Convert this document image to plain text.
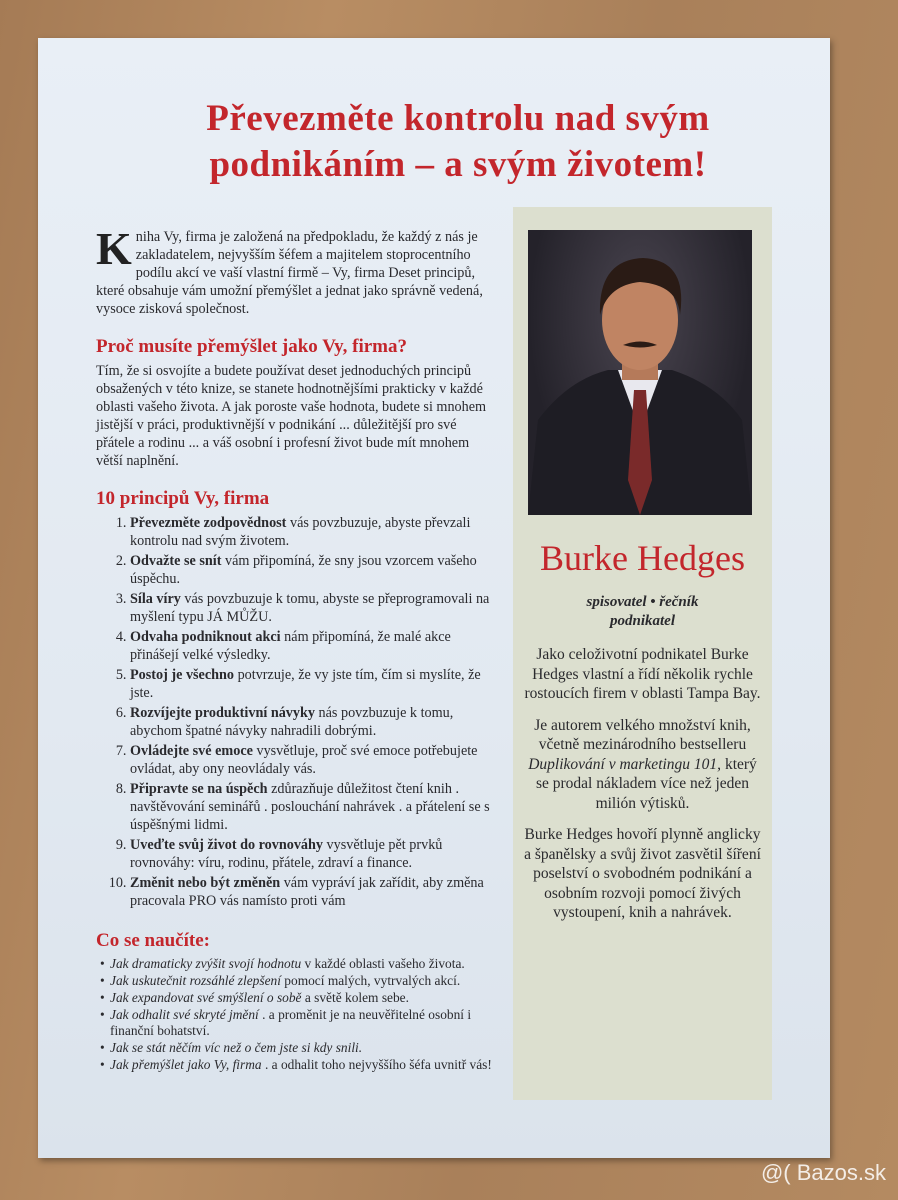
Převezměte kontrolu nad svým
podnikáním – a svým životem!
K niha Vy, firma je založená na předpokladu, že každý z nás je zakladatelem, nejvyšším šéfem a majitelem stoprocentního podílu akcí ve vaší vlastní firmě – Vy, firma Deset principů, které obsahuje vám umožní přemýšlet a jednat jako správně vedená, vysoce zisková společnost.
Proč musíte přemýšlet jako Vy, firma?
Tím, že si osvojíte a budete používat deset jednoduchých principů obsažených v této knize, se stanete hodnotnějšími prakticky v každé oblasti vašeho života. A jak poroste vaše hodnota, budete si mnohem jistější v práci, produktivnější v podnikání ... důležitější pro své přátele a rodinu ... a váš osobní i profesní život bude mít mnohem větší naplnění.
10 principů Vy, firma
1. Převezměte zodpovědnost vás povzbuzuje, abyste převzali kontrolu nad svým životem.
2. Odvažte se snít vám připomíná, že sny jsou vzorcem vašeho úspěchu.
3. Síla víry vás povzbuzuje k tomu, abyste se přeprogramovali na myšlení typu JÁ MŮŽU.
4. Odvaha podniknout akci nám připomíná, že malé akce přinášejí velké výsledky.
5. Postoj je všechno potvrzuje, že vy jste tím, čím si myslíte, že jste.
6. Rozvíjejte produktivní návyky nás povzbuzuje k tomu, abychom špatné návyky nahradili dobrými.
7. Ovládejte své emoce vysvětluje, proč své emoce potřebujete ovládat, aby ony neovládaly vás.
8. Připravte se na úspěch zdůrazňuje důležitost čtení knih . navštěvování seminářů . poslouchání nahrávek . a přátelení se s úspěšnými lidmi.
9. Uveďte svůj život do rovnováhy vysvětluje pět prvků rovnováhy: víru, rodinu, přátele, zdraví a finance.
10. Změnit nebo být změněn vám vypráví jak zařídit, aby změna pracovala PRO vás namísto proti vám
Co se naučíte:
• Jak dramaticky zvýšit svojí hodnotu v každé oblasti vašeho života.
• Jak uskutečnit rozsáhlé zlepšení pomocí malých, vytrvalých akcí.
• Jak expandovat své smýšlení o sobě a světě kolem sebe.
• Jak odhalit své skryté jmění . a proměnit je na neuvěřitelné osobní i finanční bohatství.
• Jak se stát něčím víc než o čem jste si kdy snili.
• Jak přemýšlet jako Vy, firma . a odhalit toho nejvyššího šéfa uvnitř vás!
Burke Hedges
spisovatel • řečník
podnikatel

Jako celoživotní podnikatel Burke Hedges vlastní a řídí několik rychle rostoucích firem v oblasti Tampa Bay.

Je autorem velkého množství knih, včetně mezinárodního bestselleru Duplikování v marketingu 101, který se prodal nákladem více než jeden milión výtisků.

Burke Hedges hovoří plynně anglicky a španělsky a svůj život zasvětil šíření poselství o svobodném podnikání a osobním rozvoji pomocí živých vystoupení, knih a nahrávek.

@( Bazos.sk
